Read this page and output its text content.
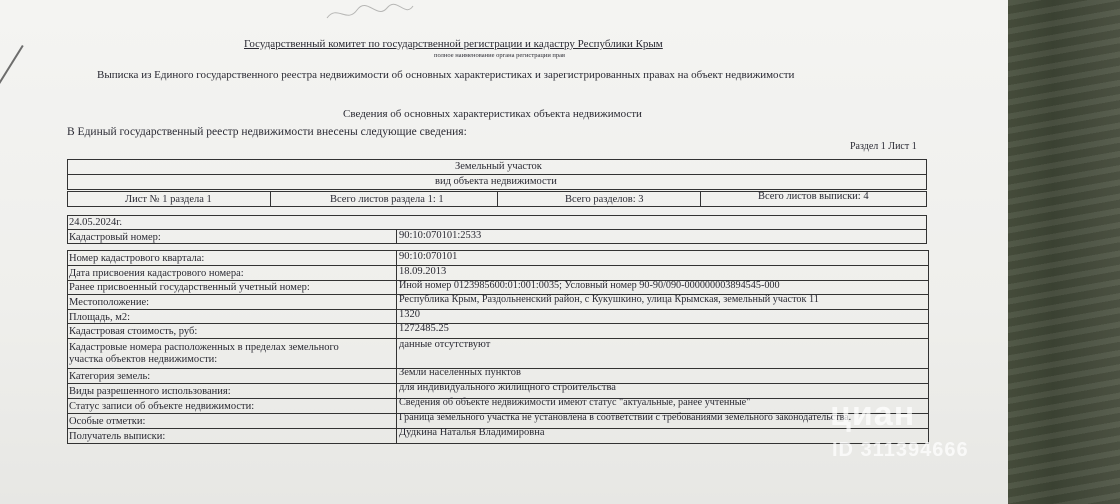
Государственный комитет по государственной регистрации и кадастру Республики Крым
полное наименование органа регистрации прав
Выписка из Единого государственного реестра недвижимости об основных характеристиках и зарегистрированных правах на объект недвижимости
Сведения об основных характеристиках объекта недвижимости
В Единый государственный реестр недвижимости внесены следующие сведения:
Раздел 1 Лист 1
Земельный участок
вид объекта недвижимости
Лист № 1 раздела 1	Всего листов раздела 1: 1	Всего разделов: 3	Всего листов выписки: 4
24.05.2024г.
Кадастровый номер:	90:10:070101:2533
Номер кадастрового квартала:	90:10:070101
Дата присвоения кадастрового номера:	18.09.2013
Ранее присвоенный государственный учетный номер:	Иной номер 0123985600:01:001:0035; Условный номер 90-90/090-000000003894545-000
Местоположение:	Республика Крым, Раздольненский район, с Кукушкино, улица Крымская, земельный участок 11
Площадь, м2:	1320
Кадастровая стоимость, руб:	1272485.25
Кадастровые номера расположенных в пределах земельного
участка объектов недвижимости:
данные отсутствуют
Категория земель:	Земли населенных пунктов
Виды разрешенного использования:	для индивидуального жилищного строительства
Статус записи об объекте недвижимости:	Сведения об объекте недвижимости имеют статус "актуальные, ранее учтенные"
Особые отметки:	Граница земельного участка не установлена в соответствии с требованиями земельного законодательства.
Получатель выписки:	Дудкина Наталья Владимировна	циан
ID 311394666
